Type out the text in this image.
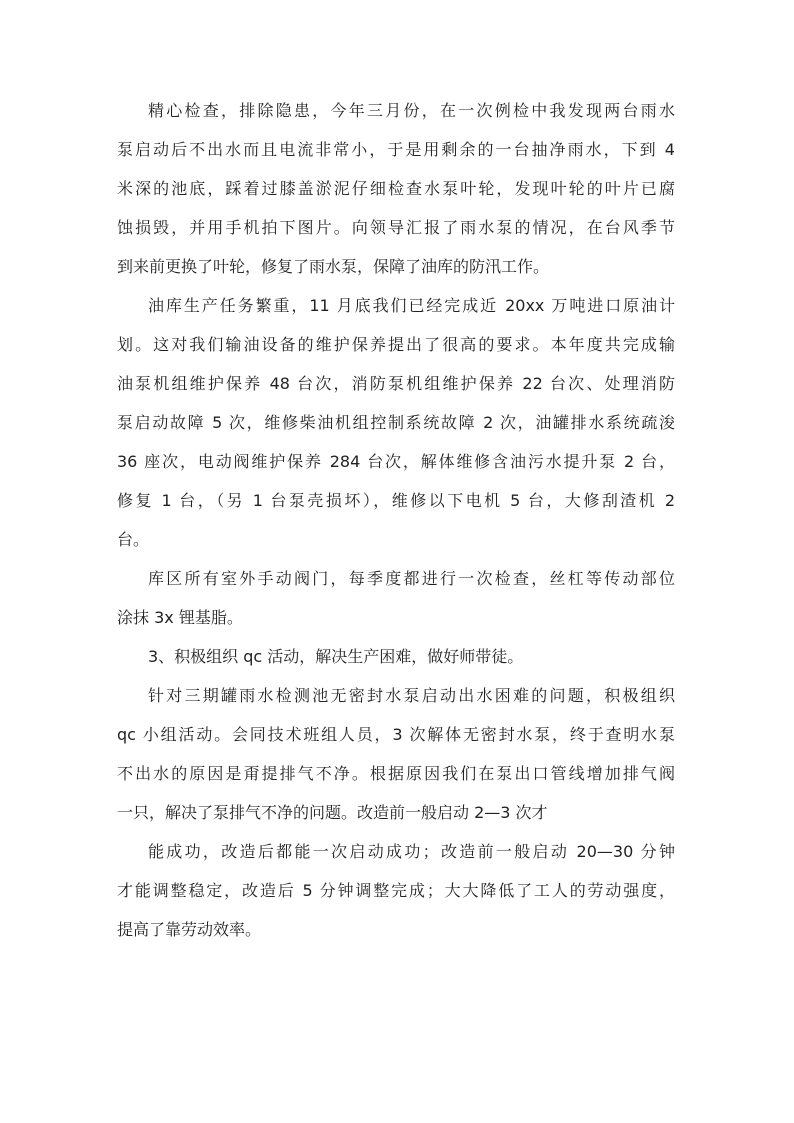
精心检查，排除隐患，今年三月份，在一次例检中我发现两台雨水
泵启动后不出水而且电流非常小，于是用剩余的一台抽净雨水，下到 4
米深的池底，踩着过膝盖淤泥仔细检查水泵叶轮，发现叶轮的叶片已腐
蚀损毁，并用手机拍下图片。向领导汇报了雨水泵的情况，在台风季节
到来前更换了叶轮，修复了雨水泵，保障了油库的防汛工作。
油库生产任务繁重，11 月底我们已经完成近 20xx 万吨进口原油计
划。这对我们输油设备的维护保养提出了很高的要求。本年度共完成输
油泵机组维护保养 48 台次，消防泵机组维护保养 22 台次、处理消防
泵启动故障 5 次，维修柴油机组控制系统故障 2 次，油罐排水系统疏浚
36 座次，电动阀维护保养 284 台次，解体维修含油污水提升泵 2 台，
修复 1 台，（另 1 台泵壳损坏），维修以下电机 5 台，大修刮渣机 2
台。
库区所有室外手动阀门，每季度都进行一次检查，丝杠等传动部位
涂抹 3x 锂基脂。
3、积极组织 qc 活动，解决生产困难，做好师带徒。
针对三期罐雨水检测池无密封水泵启动出水困难的问题，积极组织
qc 小组活动。会同技术班组人员，3 次解体无密封水泵，终于查明水泵
不出水的原因是甭提排气不净。根据原因我们在泵出口管线增加排气阀
一只，解决了泵排气不净的问题。改造前一般启动 2—3 次才
能成功，改造后都能一次启动成功；改造前一般启动 20—30 分钟
才能调整稳定，改造后 5 分钟调整完成；大大降低了工人的劳动强度，
提高了靠劳动效率。
